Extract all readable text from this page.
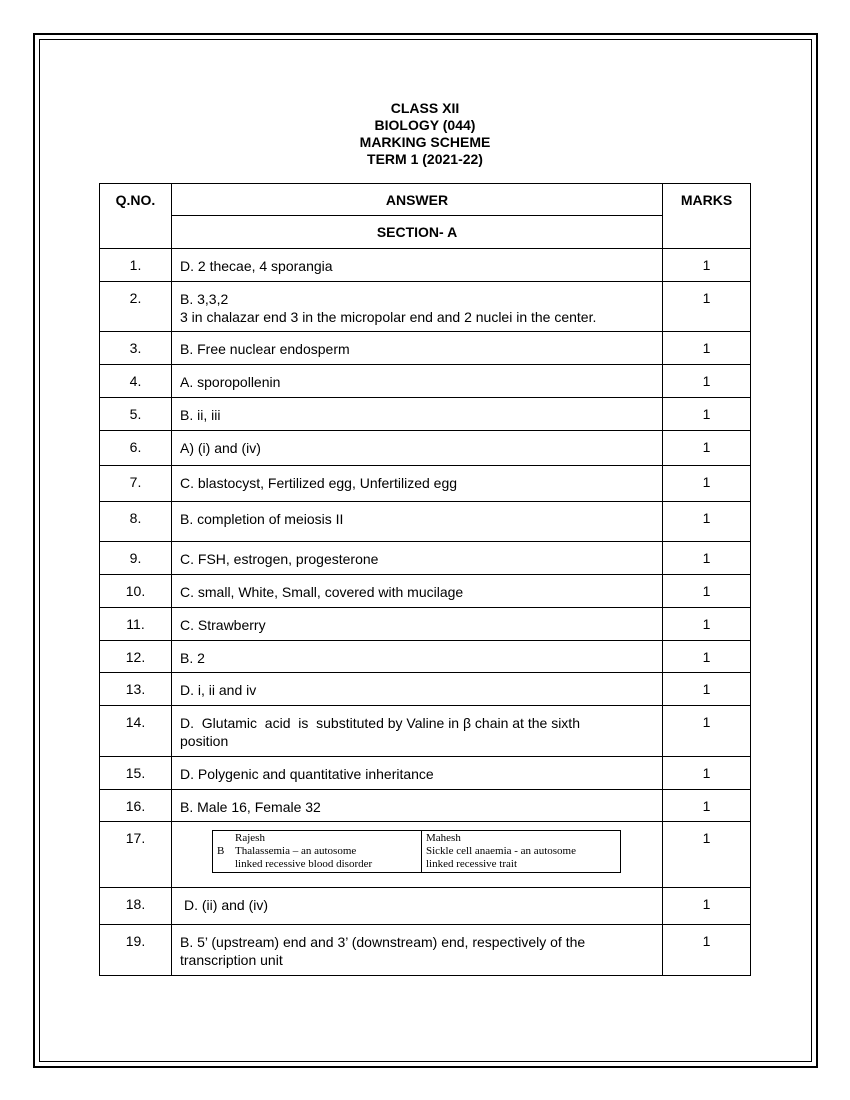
CLASS XII
BIOLOGY (044)
MARKING SCHEME
TERM 1 (2021-22)
Q.NO.	ANSWER	MARKS
SECTION- A
1.	D. 2 thecae, 4 sporangia	1
2.	B. 3,3,2
3 in chalazar end 3 in the micropolar end and 2 nuclei in the center.
	1
3.	B. Free nuclear endosperm	1
4.	A. sporopollenin	1
5.	B. ii, iii	1
6.	A) (i) and (iv)	1
7.	C. blastocyst, Fertilized egg, Unfertilized egg	1
8.	B. completion of meiosis II	1
9.	C. FSH, estrogen, progesterone	1
10.	C. small, White, Small, covered with mucilage	1
11.	C. Strawberry	1
12.	B. 2	1
13.	D. i, ii and iv	1
14.	D.  Glutamic  acid  is  substituted by Valine in β chain at the sixth
position
	1
15.	D. Polygenic and quantitative inheritance	1
16.	B. Male 16, Female 32	1
17.		Rajesh
B Thalassemia – an autosome
linked recessive blood disorder

Mahesh
Sickle cell anaemia - an autosome
linked recessive trait
	1
18.	D. (ii) and (iv)	1
19.	B. 5’ (upstream) end and 3’ (downstream) end, respectively of the
transcription unit
	1
